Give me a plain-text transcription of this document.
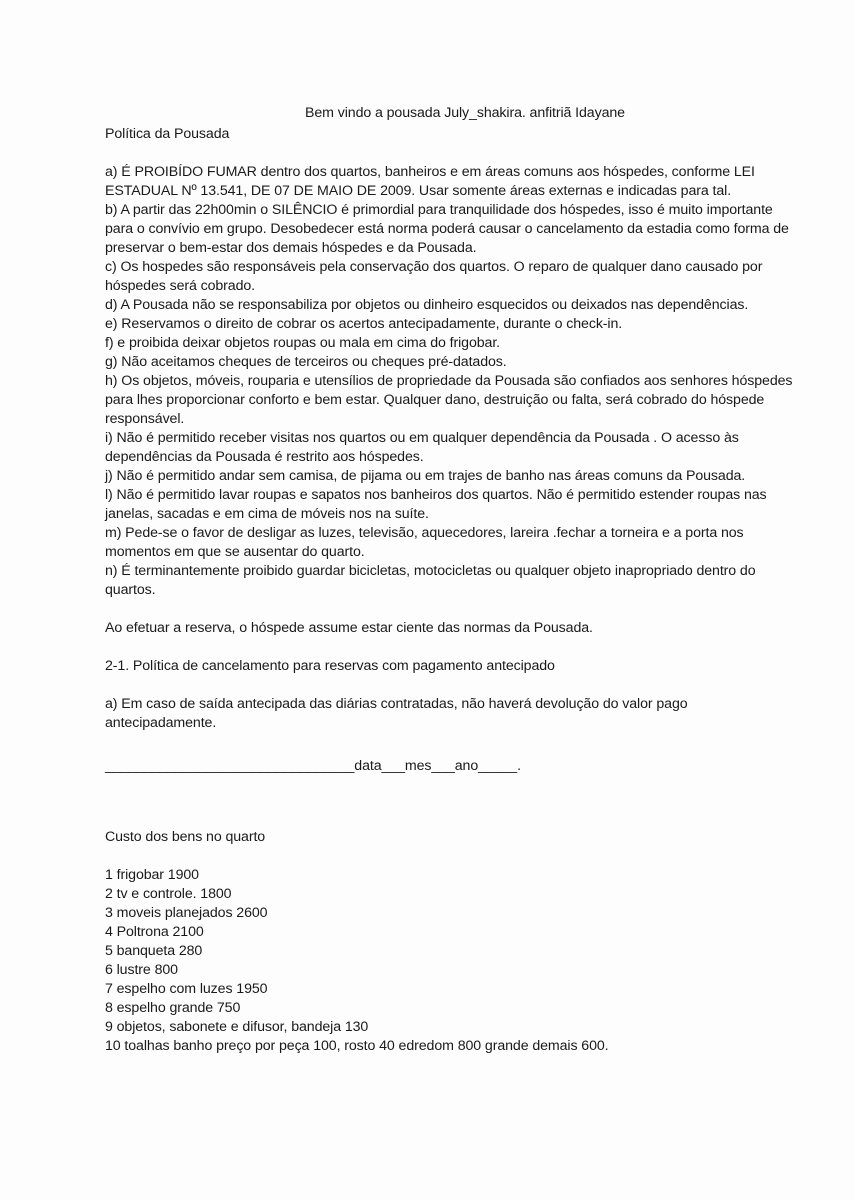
Bem vindo a pousada July_shakira. anfitriã Idayane

Política da Pousada

a) É PROIBÍDO FUMAR dentro dos quartos, banheiros e em áreas comuns aos hóspedes, conforme LEI ESTADUAL Nº 13.541, DE 07 DE MAIO DE 2009. Usar somente áreas externas e indicadas para tal.

b) A partir das 22h00min o SILÊNCIO é primordial para tranquilidade dos hóspedes, isso é muito importante para o convívio em grupo. Desobedecer está norma poderá causar o cancelamento da estadia como forma de preservar o bem-estar dos demais hóspedes e da Pousada.

c) Os hospedes são responsáveis pela conservação dos quartos. O reparo de qualquer dano causado por hóspedes será cobrado.

d) A Pousada não se responsabiliza por objetos ou dinheiro esquecidos ou deixados nas dependências.

e) Reservamos o direito de cobrar os acertos antecipadamente, durante o check-in.

f) e proibida deixar objetos roupas ou mala em cima do frigobar.

g) Não aceitamos cheques de terceiros ou cheques pré-datados.

h) Os objetos, móveis, rouparia e utensílios de propriedade da Pousada são confiados aos senhores hóspedes para lhes proporcionar conforto e bem estar. Qualquer dano, destruição ou falta, será cobrado do hóspede responsável.

i) Não é permitido receber visitas nos quartos ou em qualquer dependência da Pousada . O acesso às dependências da Pousada é restrito aos hóspedes.

j) Não é permitido andar sem camisa, de pijama ou em trajes de banho nas áreas comuns da Pousada.

l) Não é permitido lavar roupas e sapatos nos banheiros dos quartos. Não é permitido estender roupas nas janelas, sacadas e em cima de móveis nos na suíte.

m) Pede-se o favor de desligar as luzes, televisão, aquecedores, lareira .fechar a torneira e a porta nos momentos em que se ausentar do quarto.

n) É terminantemente proibido guardar bicicletas, motocicletas ou qualquer objeto inapropriado dentro do quartos.

Ao efetuar a reserva, o hóspede assume estar ciente das normas da Pousada.

2-1. Política de cancelamento para reservas com pagamento antecipado

a) Em caso de saída antecipada das diárias contratadas, não haverá devolução do valor pago antecipadamente.

________________________________data___mes___ano_____.

Custo dos bens no quarto

1 frigobar 1900

2 tv e controle. 1800

3 moveis planejados 2600

4 Poltrona 2100

5 banqueta 280

6 lustre 800

7 espelho com luzes 1950

8 espelho grande 750

9 objetos, sabonete e difusor, bandeja 130

10 toalhas banho preço por peça 100, rosto 40 edredom 800 grande demais 600.
